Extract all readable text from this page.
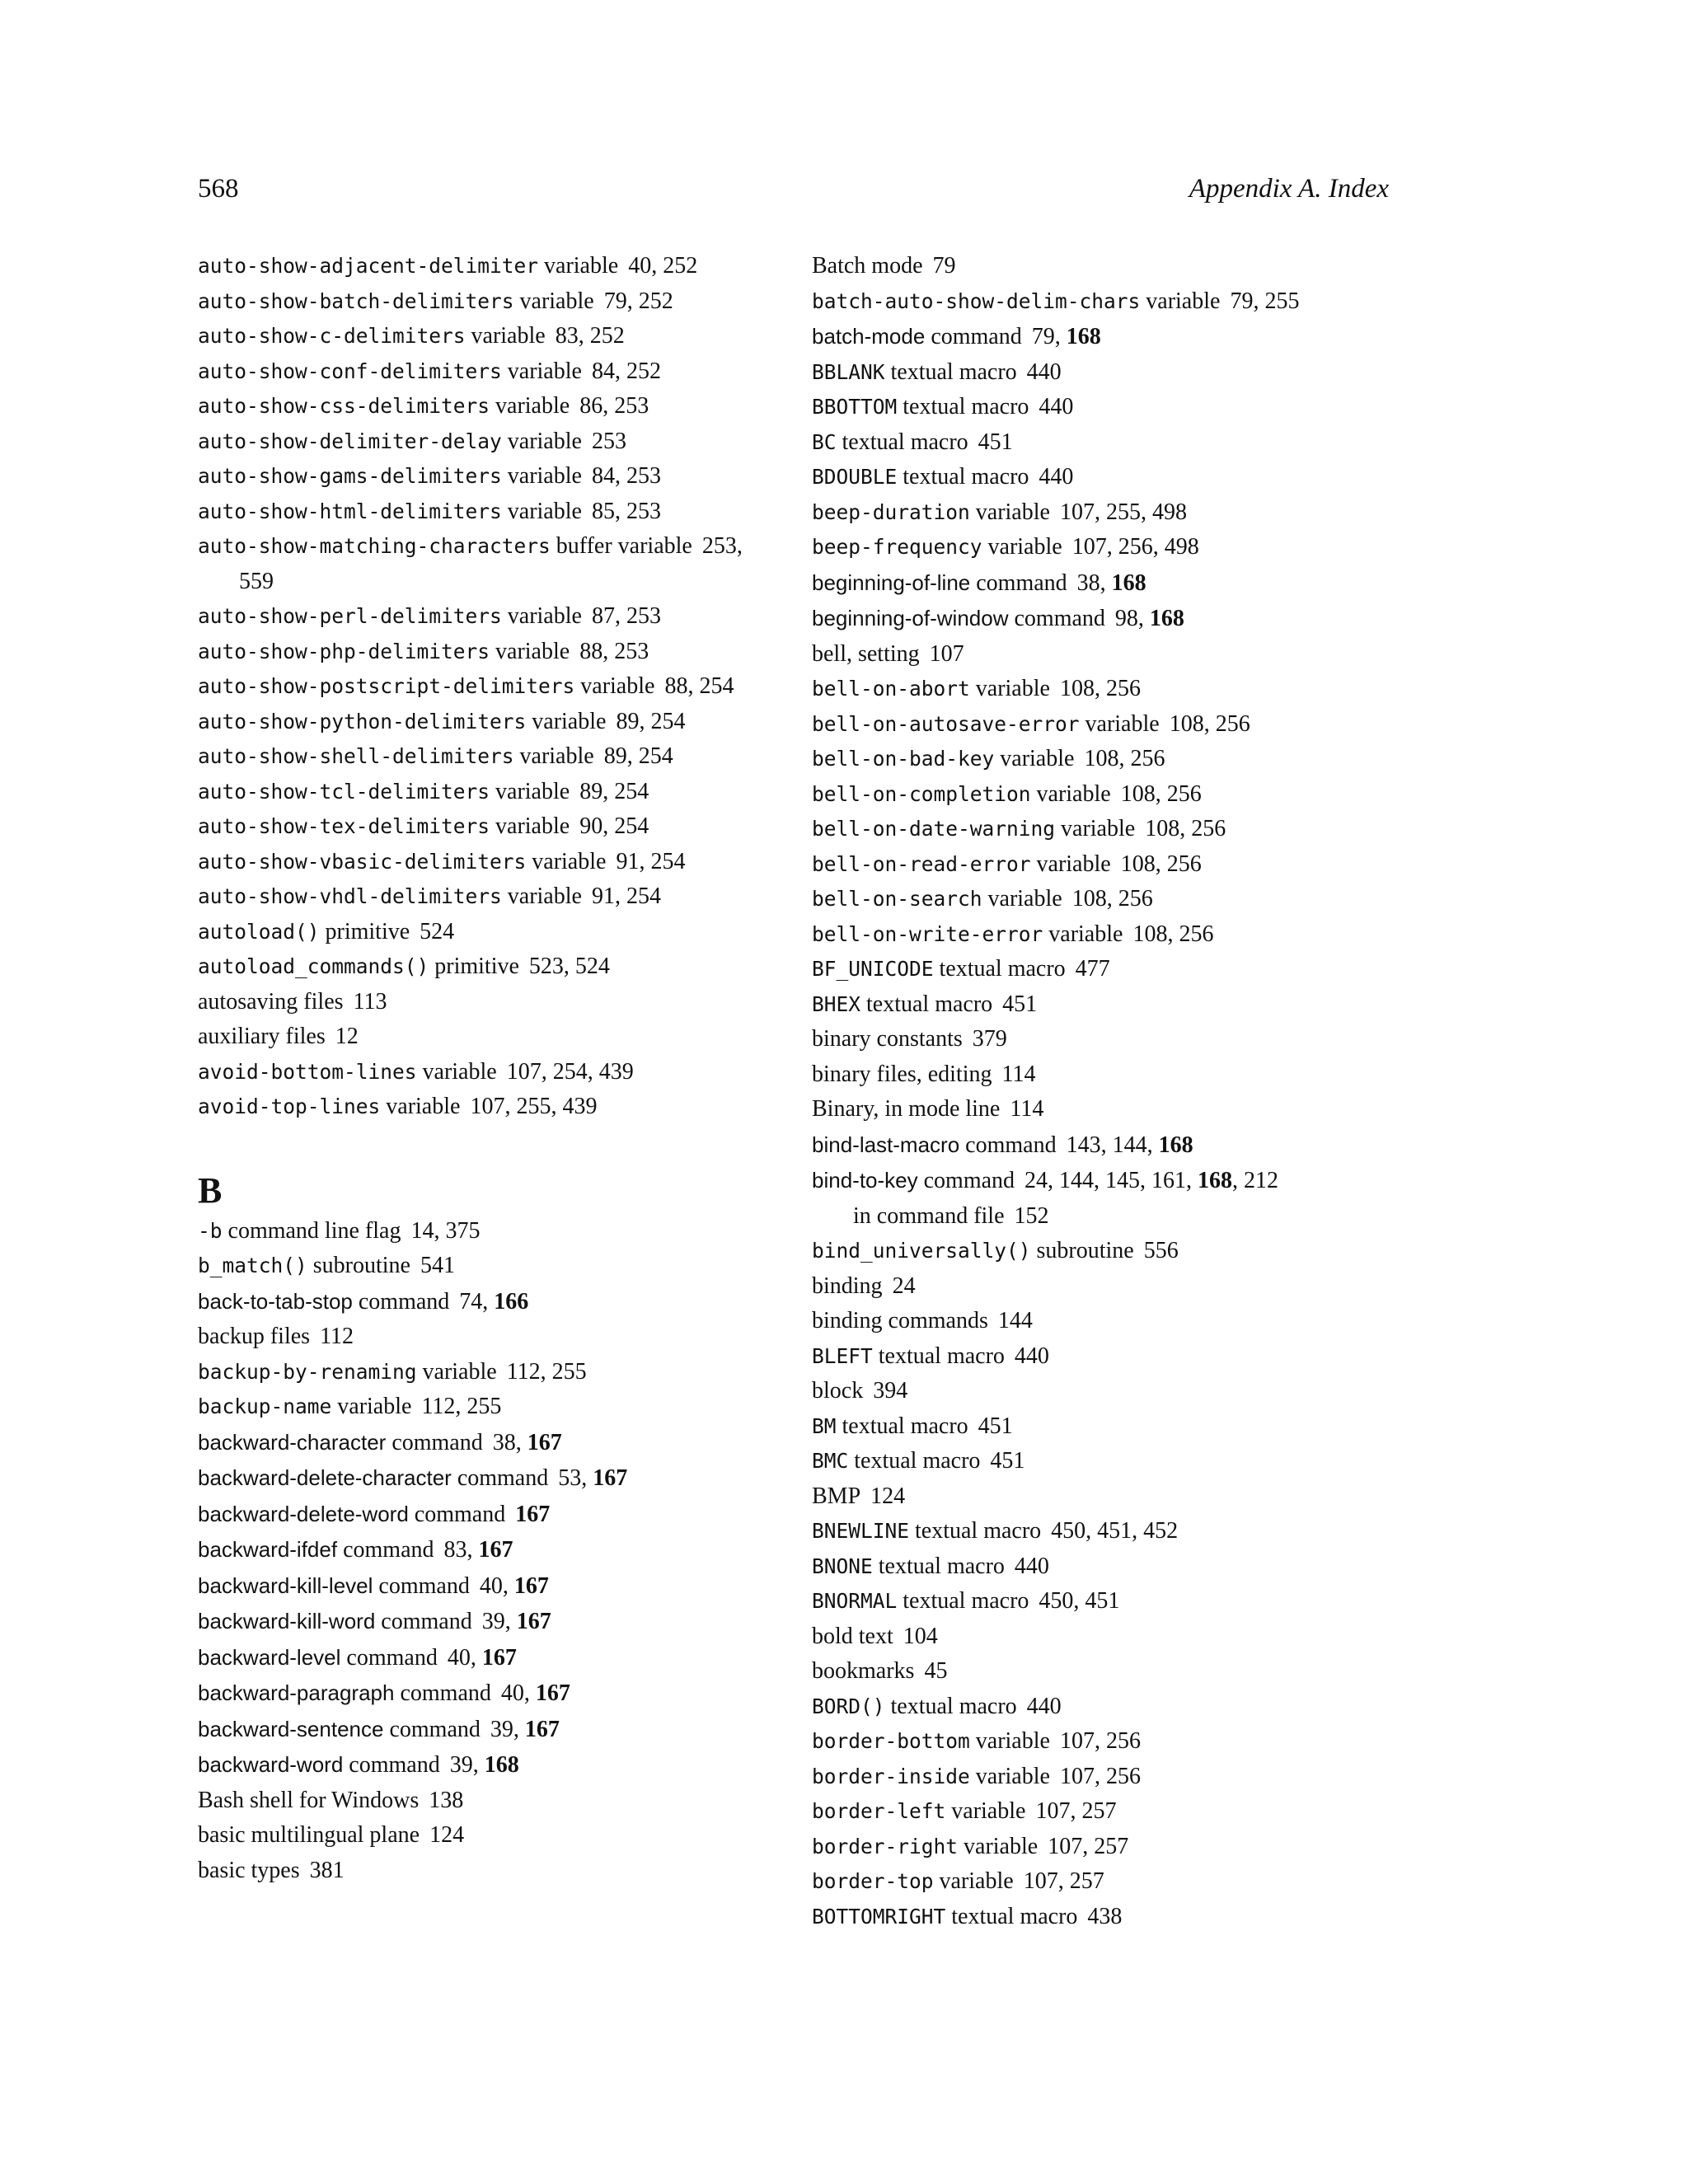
568	Appendix A. Index
auto-show-adjacent-delimiter variable 40, 252
auto-show-batch-delimiters variable 79, 252
auto-show-c-delimiters variable 83, 252
auto-show-conf-delimiters variable 84, 252
auto-show-css-delimiters variable 86, 253
auto-show-delimiter-delay variable 253
auto-show-gams-delimiters variable 84, 253
auto-show-html-delimiters variable 85, 253
auto-show-matching-characters buffer variable 253, 559
auto-show-perl-delimiters variable 87, 253
auto-show-php-delimiters variable 88, 253
auto-show-postscript-delimiters variable 88, 254
auto-show-python-delimiters variable 89, 254
auto-show-shell-delimiters variable 89, 254
auto-show-tcl-delimiters variable 89, 254
auto-show-tex-delimiters variable 90, 254
auto-show-vbasic-delimiters variable 91, 254
auto-show-vhdl-delimiters variable 91, 254
autoload() primitive 524
autoload_commands() primitive 523, 524
autosaving files 113
auxiliary files 12
avoid-bottom-lines variable 107, 254, 439
avoid-top-lines variable 107, 255, 439
B
-b command line flag 14, 375
b_match() subroutine 541
back-to-tab-stop command 74, 166
backup files 112
backup-by-renaming variable 112, 255
backup-name variable 112, 255
backward-character command 38, 167
backward-delete-character command 53, 167
backward-delete-word command 167
backward-ifdef command 83, 167
backward-kill-level command 40, 167
backward-kill-word command 39, 167
backward-level command 40, 167
backward-paragraph command 40, 167
backward-sentence command 39, 167
backward-word command 39, 168
Bash shell for Windows 138
basic multilingual plane 124
basic types 381
Batch mode 79
batch-auto-show-delim-chars variable 79, 255
batch-mode command 79, 168
BBLANK textual macro 440
BBOTTOM textual macro 440
BC textual macro 451
BDOUBLE textual macro 440
beep-duration variable 107, 255, 498
beep-frequency variable 107, 256, 498
beginning-of-line command 38, 168
beginning-of-window command 98, 168
bell, setting 107
bell-on-abort variable 108, 256
bell-on-autosave-error variable 108, 256
bell-on-bad-key variable 108, 256
bell-on-completion variable 108, 256
bell-on-date-warning variable 108, 256
bell-on-read-error variable 108, 256
bell-on-search variable 108, 256
bell-on-write-error variable 108, 256
BF_UNICODE textual macro 477
BHEX textual macro 451
binary constants 379
binary files, editing 114
Binary, in mode line 114
bind-last-macro command 143, 144, 168
bind-to-key command 24, 144, 145, 161, 168, 212
in command file 152
bind_universally() subroutine 556
binding 24
binding commands 144
BLEFT textual macro 440
block 394
BM textual macro 451
BMC textual macro 451
BMP 124
BNEWLINE textual macro 450, 451, 452
BNONE textual macro 440
BNORMAL textual macro 450, 451
bold text 104
bookmarks 45
BORD() textual macro 440
border-bottom variable 107, 256
border-inside variable 107, 256
border-left variable 107, 257
border-right variable 107, 257
border-top variable 107, 257
BOTTOMRIGHT textual macro 438
